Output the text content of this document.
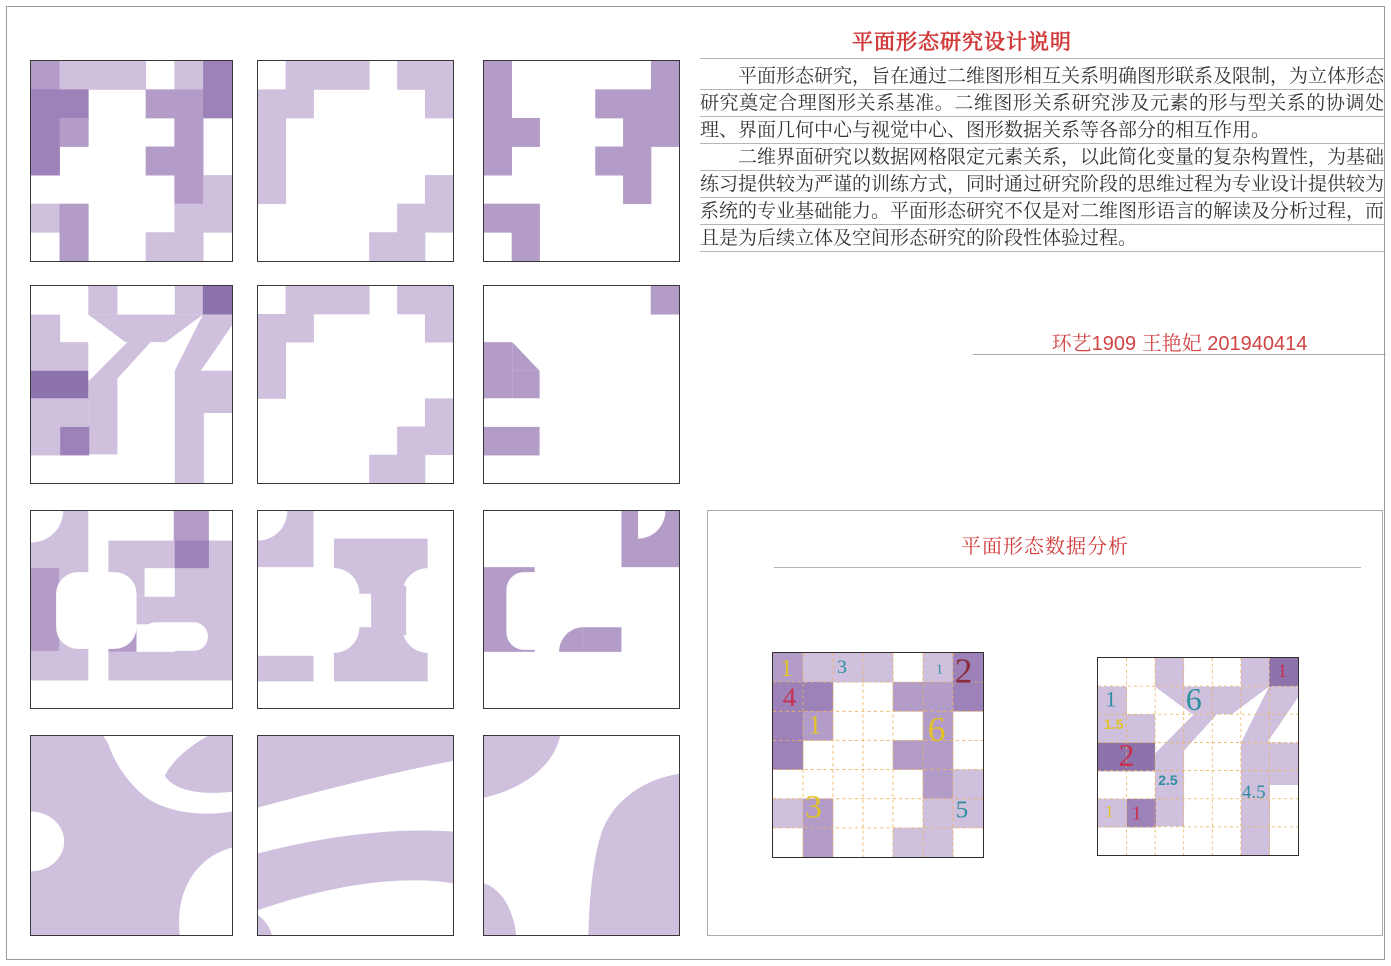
平面形态研究设计说明

平面形态研究，旨在通过二维图形相互关系明确图形联系及限制，为立体形态研究奠定合理图形关系基准。二维图形关系研究涉及元素的形与型关系的协调处理、界面几何中心与视觉中心、图形数据关系等各部分的相互作用。

二维界面研究以数据网格限定元素关系，以此简化变量的复杂构置性，为基础练习提供较为严谨的训练方式，同时通过研究阶段的思维过程为专业设计提供较为系统的专业基础能力。平面形态研究不仅是对二维图形语言的解读及分析过程，而且是为后续立体及空间形态研究的阶段性体验过程。

环艺1909 王艳妃 201940414
平面形态数据分析
1 3	1 2
4
1	6
3	5
1
1 6
1.5
2
2.5
1 1
4.5
